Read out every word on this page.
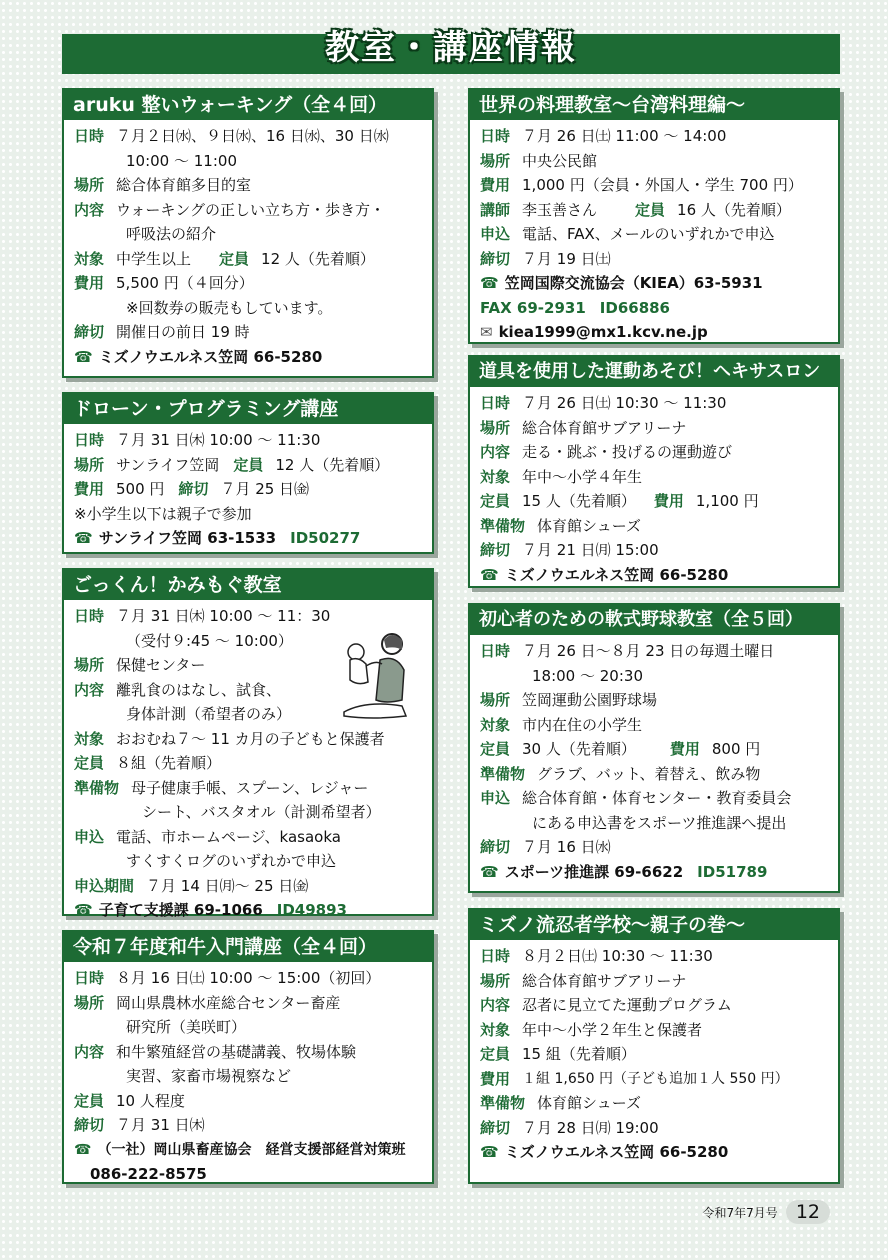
教室・講座情報
aruku 整いウォーキング（全４回）
日時 ７月２日㈬、９日㈬、16 日㈬、30 日㈬
10:00 ～ 11:00
場所 総合体育館多目的室
内容 ウォーキングの正しい立ち方・歩き方・
呼吸法の紹介
対象 中学生以上 定員 12 人（先着順）
費用 5,500 円（４回分）
※回数券の販売もしています。
締切 開催日の前日 19 時
☎ ミズノウエルネス笠岡 66-5280
ドローン・プログラミング講座
日時 ７月 31 日㈭ 10:00 ～ 11:30
場所 サンライフ笠岡 定員 12 人（先着順）
費用 500 円 締切 ７月 25 日㈮
※小学生以下は親子で参加
☎ サンライフ笠岡 63-1533 ID50277
ごっくん！かみもぐ教室
日時 ７月 31 日㈭ 10:00 ～ 11：30
（受付９:45 ～ 10:00）
場所 保健センター
内容 離乳食のはなし、試食、
身体計測（希望者のみ）
対象 おおむね７～ 11 カ月の子どもと保護者
定員 ８組（先着順）
準備物 母子健康手帳、スプーン、レジャー
シート、バスタオル（計測希望者）
申込 電話、市ホームページ、kasaoka
すくすくログのいずれかで申込
申込期間 ７月 14 日㈪～ 25 日㈮
☎ 子育て支援課 69-1066 ID49893
令和７年度和牛入門講座（全４回）
日時 ８月 16 日㈯ 10:00 ～ 15:00（初回）
場所 岡山県農林水産総合センター畜産
研究所（美咲町）
内容 和牛繁殖経営の基礎講義、牧場体験
実習、家畜市場視察など
定員 10 人程度
締切 ７月 31 日㈭
☎ （一社）岡山県畜産協会　経営支援部経営対策班
086-222-8575
世界の料理教室～台湾料理編～
日時 ７月 26 日㈯ 11:00 ～ 14:00
場所 中央公民館
費用 1,000 円（会員・外国人・学生 700 円）
講師 李玉善さん	定員 16 人（先着順）
申込 電話、FAX、メールのいずれかで申込
締切 ７月 19 日㈯
☎ 笠岡国際交流協会（KIEA）63-5931
FAX 69-2931 ID66886
✉ kiea1999@mx1.kcv.ne.jp
道具を使用した運動あそび！ヘキサスロン
日時 ７月 26 日㈯ 10:30 ～ 11:30
場所 総合体育館サブアリーナ
内容 走る・跳ぶ・投げるの運動遊び
対象 年中～小学４年生
定員 15 人（先着順） 費用 1,100 円
準備物 体育館シューズ
締切 ７月 21 日㈪ 15:00
☎ ミズノウエルネス笠岡 66-5280
初心者のための軟式野球教室（全５回）
日時 ７月 26 日～８月 23 日の毎週土曜日
18:00 ～ 20:30
場所 笠岡運動公園野球場
対象 市内在住の小学生
定員 30 人（先着順） 費用 800 円
準備物 グラブ、バット、着替え、飲み物
申込 総合体育館・体育センター・教育委員会
にある申込書をスポーツ推進課へ提出
締切 ７月 16 日㈬
☎ スポーツ推進課 69-6622 ID51789
ミズノ流忍者学校～親子の巻～
日時 ８月２日㈯ 10:30 ～ 11:30
場所 総合体育館サブアリーナ
内容 忍者に見立てた運動プログラム
対象 年中～小学２年生と保護者
定員 15 組（先着順）
費用 １組 1,650 円（子ども追加１人 550 円）
準備物 体育館シューズ
締切 ７月 28 日㈪ 19:00
☎ ミズノウエルネス笠岡 66-5280
令和7年7月号 12
